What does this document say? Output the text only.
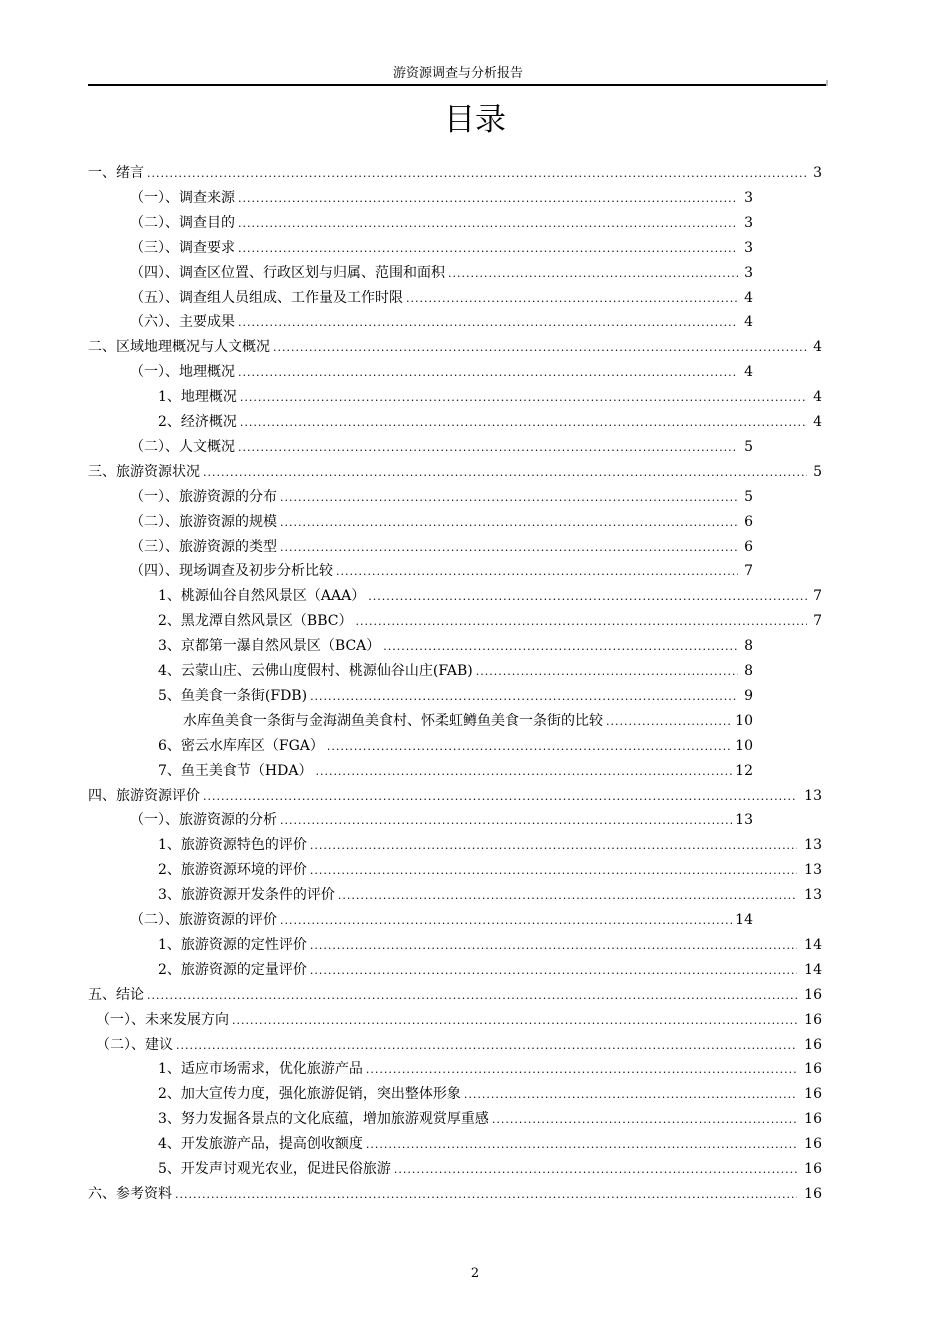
游资源调查与分析报告
目录
一、绪言 .....	3
（一）、调查来源 .....	3
（二）、调查目的 .....	3
（三）、调查要求 .....	3
（四）、调查区位置、行政区划与归属、范围和面积 .....	3
（五）、调查组人员组成、工作量及工作时限 .....	4
（六）、主要成果 .....	4
二、区域地理概况与人文概况 .....	4
（一）、地理概况 .....	4
1、地理概况 .....	4
2、经济概况 .....	4
（二）、人文概况 .....	5
三、旅游资源状况 .....	5
（一）、旅游资源的分布 .....	5
（二）、旅游资源的规模 .....	6
（三）、旅游资源的类型 .....	6
（四）、现场调查及初步分析比较 .....	7
1、桃源仙谷自然风景区（AAA） .....	7
2、黑龙潭自然风景区（BBC） .....	7
3、京都第一瀑自然风景区（BCA） .....	8
4、云蒙山庄、云佛山度假村、桃源仙谷山庄(FAB) .....	8
5、鱼美食一条街(FDB) .....	9
水库鱼美食一条街与金海湖鱼美食村、怀柔虹鳟鱼美食一条街的比较 .....	10
6、密云水库库区（FGA） .....	10
7、鱼王美食节（HDA） .....	12
四、旅游资源评价 .....	13
（一）、旅游资源的分析 .....	13
1、旅游资源特色的评价 .....	13
2、旅游资源环境的评价 .....	13
3、旅游资源开发条件的评价 .....	13
（二）、旅游资源的评价 .....	14
1、旅游资源的定性评价 .....	14
2、旅游资源的定量评价 .....	14
五、结论 .....	16
（一）、未来发展方向 .....	16
（二）、建议 .....	16
1、适应市场需求，优化旅游产品 .....	16
2、加大宣传力度，强化旅游促销，突出整体形象 .....	16
3、努力发掘各景点的文化底蕴，增加旅游观赏厚重感 .....	16
4、开发旅游产品，提高创收额度 .....	16
5、开发声讨观光农业，促进民俗旅游 .....	16
六、参考资料 .....	16
2
